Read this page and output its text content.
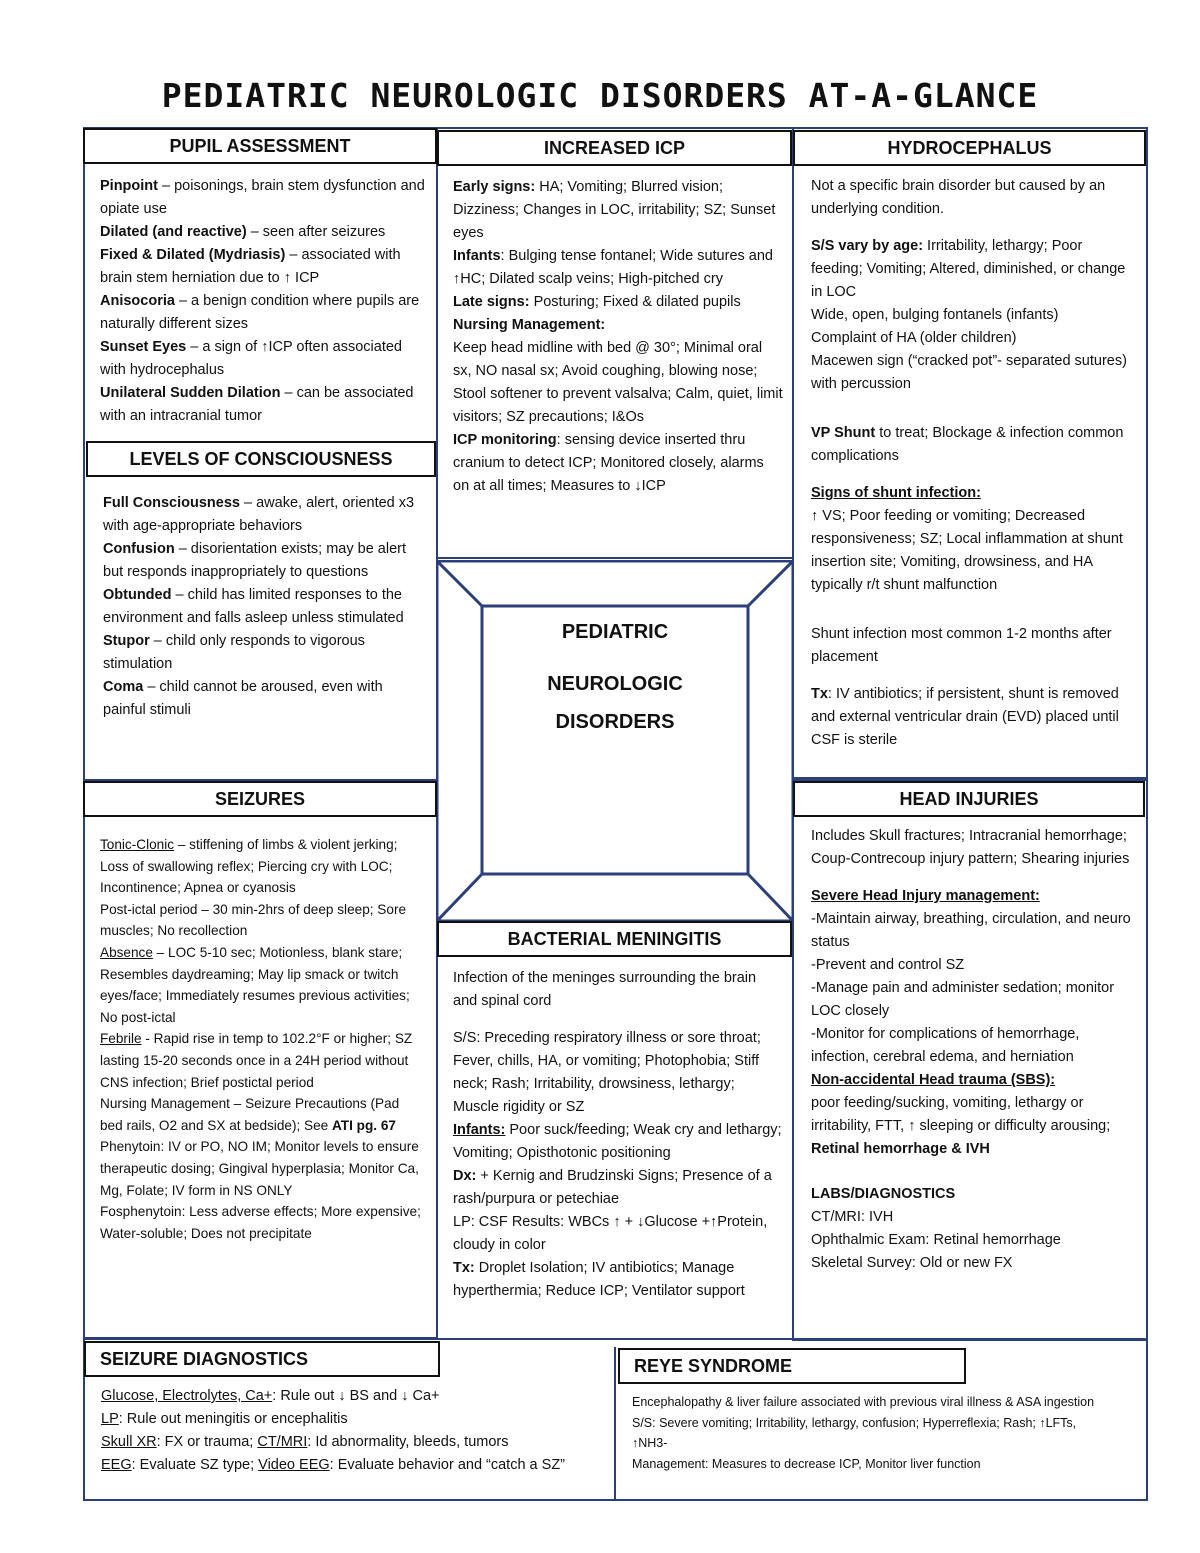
PEDIATRIC NEUROLOGIC DISORDERS AT-A-GLANCE
PEDIATRIC
NEUROLOGIC
DISORDERS
PUPIL ASSESSMENT

Pinpoint – poisonings, brain stem dysfunction and opiate use

Dilated (and reactive) – seen after seizures

Fixed & Dilated (Mydriasis) – associated with brain stem herniation due to ↑ ICP

Anisocoria – a benign condition where pupils are naturally different sizes

Sunset Eyes – a sign of ↑ICP often associated with hydrocephalus

Unilateral Sudden Dilation – can be associated with an intracranial tumor

LEVELS OF CONSCIOUSNESS

Full Consciousness – awake, alert, oriented x3 with age-appropriate behaviors

Confusion – disorientation exists; may be alert but responds inappropriately to questions

Obtunded – child has limited responses to the environment and falls asleep unless stimulated

Stupor – child only responds to vigorous stimulation

Coma – child cannot be aroused, even with painful stimuli

SEIZURES

Tonic-Clonic – stiffening of limbs & violent jerking; Loss of swallowing reflex; Piercing cry with LOC; Incontinence; Apnea or cyanosis

Post-ictal period – 30 min-2hrs of deep sleep; Sore muscles; No recollection

Absence – LOC 5-10 sec; Motionless, blank stare; Resembles daydreaming; May lip smack or twitch eyes/face; Immediately resumes previous activities; No post-ictal

Febrile - Rapid rise in temp to 102.2°F or higher; SZ lasting 15-20 seconds once in a 24H period without CNS infection; Brief postictal period

Nursing Management – Seizure Precautions (Pad bed rails, O2 and SX at bedside); See ATI pg. 67

Phenytoin: IV or PO, NO IM; Monitor levels to ensure therapeutic dosing; Gingival hyperplasia; Monitor Ca, Mg, Folate; IV form in NS ONLY

Fosphenytoin: Less adverse effects; More expensive; Water-soluble; Does not precipitate

SEIZURE DIAGNOSTICS

Glucose, Electrolytes, Ca+: Rule out ↓ BS and ↓ Ca+

LP: Rule out meningitis or encephalitis

Skull XR: FX or trauma; CT/MRI: Id abnormality, bleeds, tumors

EEG: Evaluate SZ type; Video EEG: Evaluate behavior and “catch a SZ”

INCREASED ICP

Early signs: HA; Vomiting; Blurred vision; Dizziness; Changes in LOC, irritability; SZ; Sunset eyes

Infants: Bulging tense fontanel; Wide sutures and ↑HC; Dilated scalp veins; High-pitched cry

Late signs: Posturing; Fixed & dilated pupils

Nursing Management:

Keep head midline with bed @ 30°; Minimal oral sx, NO nasal sx; Avoid coughing, blowing nose; Stool softener to prevent valsalva; Calm, quiet, limit visitors; SZ precautions; I&Os

ICP monitoring: sensing device inserted thru cranium to detect ICP; Monitored closely, alarms on at all times; Measures to ↓ICP

BACTERIAL MENINGITIS

Infection of the meninges surrounding the brain and spinal cord

S/S: Preceding respiratory illness or sore throat; Fever, chills, HA, or vomiting; Photophobia; Stiff neck; Rash; Irritability, drowsiness, lethargy; Muscle rigidity or SZ

Infants: Poor suck/feeding; Weak cry and lethargy; Vomiting; Opisthotonic positioning

Dx: + Kernig and Brudzinski Signs; Presence of a rash/purpura or petechiae

LP: CSF Results: WBCs ↑ + ↓Glucose +↑Protein, cloudy in color

Tx: Droplet Isolation; IV antibiotics; Manage hyperthermia; Reduce ICP; Ventilator support

HYDROCEPHALUS

Not a specific brain disorder but caused by an underlying condition.

S/S vary by age: Irritability, lethargy; Poor feeding; Vomiting; Altered, diminished, or change in LOC

Wide, open, bulging fontanels (infants)

Complaint of HA (older children)

Macewen sign (“cracked pot”- separated sutures) with percussion

VP Shunt to treat; Blockage & infection common complications

Signs of shunt infection:

↑ VS; Poor feeding or vomiting; Decreased responsiveness; SZ; Local inflammation at shunt insertion site; Vomiting, drowsiness, and HA typically r/t shunt malfunction

Shunt infection most common 1-2 months after placement

Tx: IV antibiotics; if persistent, shunt is removed and external ventricular drain (EVD) placed until CSF is sterile

HEAD INJURIES

Includes Skull fractures; Intracranial hemorrhage; Coup-Contrecoup injury pattern; Shearing injuries

Severe Head Injury management:

-Maintain airway, breathing, circulation, and neuro status

-Prevent and control SZ

-Manage pain and administer sedation; monitor LOC closely

-Monitor for complications of hemorrhage, infection, cerebral edema, and herniation

Non-accidental Head trauma (SBS):

poor feeding/sucking, vomiting, lethargy or irritability, FTT, ↑ sleeping or difficulty arousing; Retinal hemorrhage & IVH

LABS/DIAGNOSTICS

CT/MRI: IVH

Ophthalmic Exam: Retinal hemorrhage

Skeletal Survey: Old or new FX

REYE SYNDROME

Encephalopathy & liver failure associated with previous viral illness & ASA ingestion

S/S: Severe vomiting; Irritability, lethargy, confusion; Hyperreflexia; Rash; ↑LFTs, ↑NH3-

Management: Measures to decrease ICP, Monitor liver function
